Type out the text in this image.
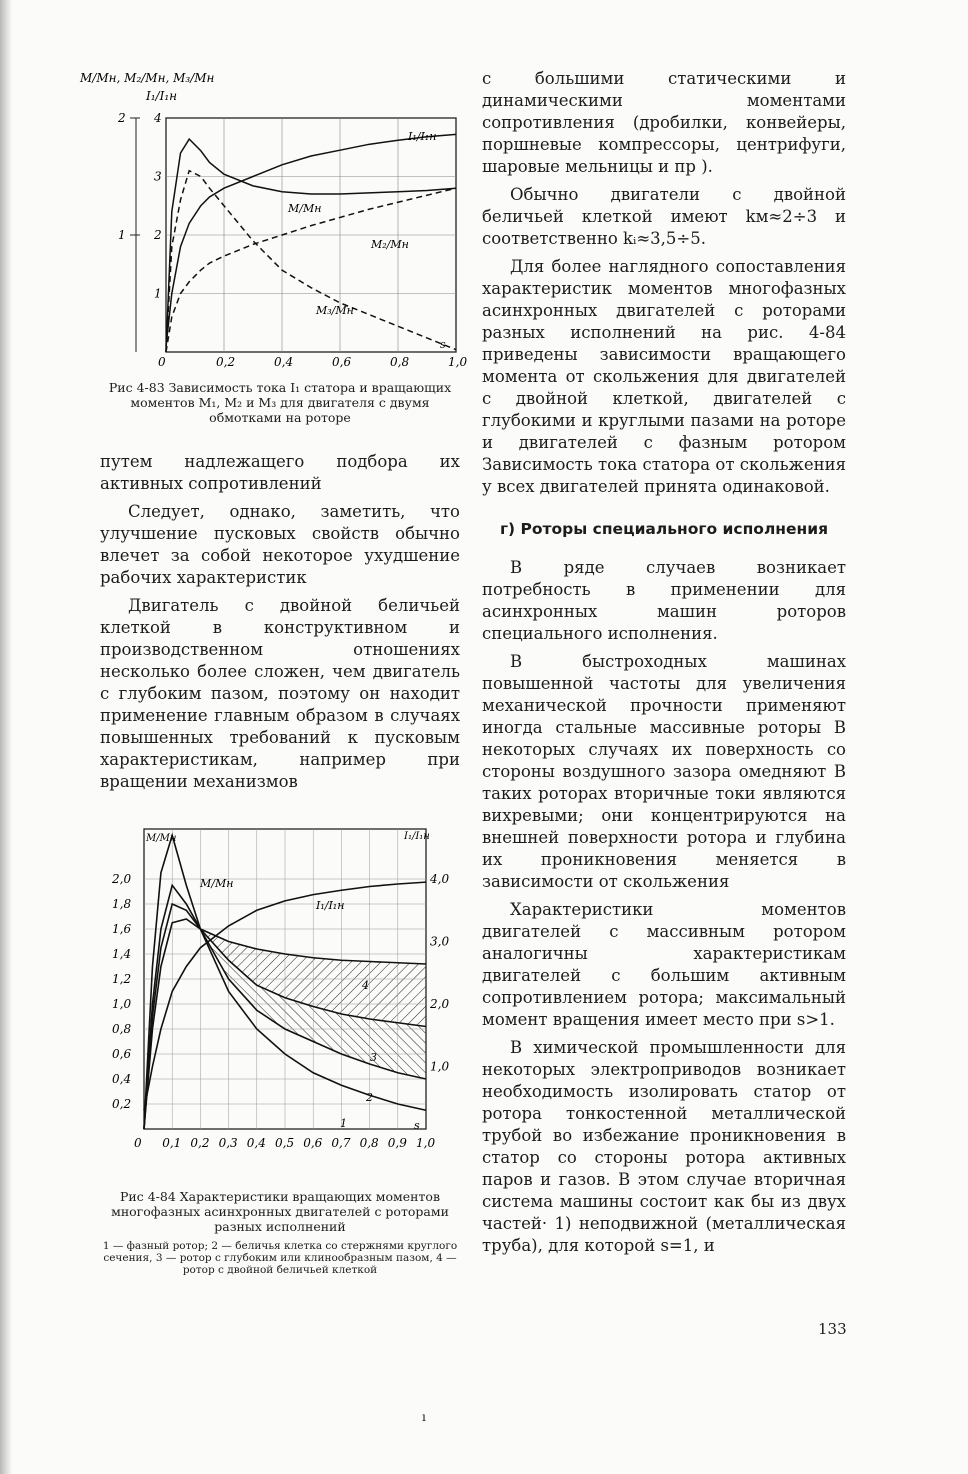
M/Mн, M₂/Mн, M₃/Mн
I₁/I₁н
0	0,2	0,4	0,6	0,8	1,0
1
2
3
4
1
2
I₁/I₁н
M/Mн
M₂/Mн
M₃/Mн
s

Рис 4-83 Зависимость тока I₁ статора и вращающих моментов M₁, M₂ и M₃ для двигателя с двумя обмотками на роторе

путем надлежащего подбора их активных сопротивлений

Следует, однако, заметить, что улучшение пусковых свойств обычно влечет за собой некоторое ухудшение рабочих характеристик

Двигатель с двойной беличьей клеткой в конструктивном и производственном отношениях несколько более сложен, чем двигатель с глубоким пазом, поэтому он находит применение главным образом в случаях повышенных требований к пусковым характеристикам, например при вращении механизмов

0 0,1 0,2 0,3 0,4 0,5 0,6 0,7 0,8 0,9 1,0
0,2
0,4
0,6
0,8
1,0
1,2
1,4
1,6
1,8
2,0
1,0
2,0
3,0
4,0
M/Mн	I₁/I₁н
M/Mн
I₁/I₁н
4
3
2
1	s

Рис 4-84 Характеристики вращающих моментов многофазных асинхронных двигателей с роторами разных исполнений

1 — фазный ротор; 2 — беличья клетка со стержнями круглого сечения, 3 — ротор с глубоким или клинообразным пазом, 4 — ротор с двойной беличьей клеткой

с большими статическими и динамическими моментами сопротивления (дробилки, конвейеры, поршневые компрессоры, центрифуги, шаровые мельницы и пр ).

Обычно двигатели с двойной беличьей клеткой имеют kм≈2÷3 и соответственно kᵢ≈3,5÷5.

Для более наглядного сопоставления характеристик моментов многофазных асинхронных двигателей с роторами разных исполнений на рис. 4-84 приведены зависимости вращающего момента от скольжения для двигателей с двойной клеткой, двигателей с глубокими и круглыми пазами на роторе и двигателей с фазным ротором Зависимость тока статора от скольжения у всех двигателей принята одинаковой.

г) Роторы специального исполнения

В ряде случаев возникает потребность в применении для асинхронных машин роторов специального исполнения.

В быстроходных машинах повышенной частоты для увеличения механической прочности применяют иногда стальные массивные роторы В некоторых случаях их поверхность со стороны воздушного зазора омедняют В таких роторах вторичные токи являются вихревыми; они концентрируются на внешней поверхности ротора и глубина их проникновения меняется в зависимости от скольжения

Характеристики моментов двигателей с массивным ротором аналогичны характеристикам двигателей с большим активным сопротивлением ротора; максимальный момент вращения имеет место при s>1.

В химической промышленности для некоторых электроприводов возникает необходимость изолировать статор от ротора тонкостенной металлической трубой во избежание проникновения в статор со стороны ротора активных паров и газов. В этом случае вторичная система машины состоит как бы из двух частей· 1) неподвижной (металлическая труба), для которой s=1, и

133
ı
